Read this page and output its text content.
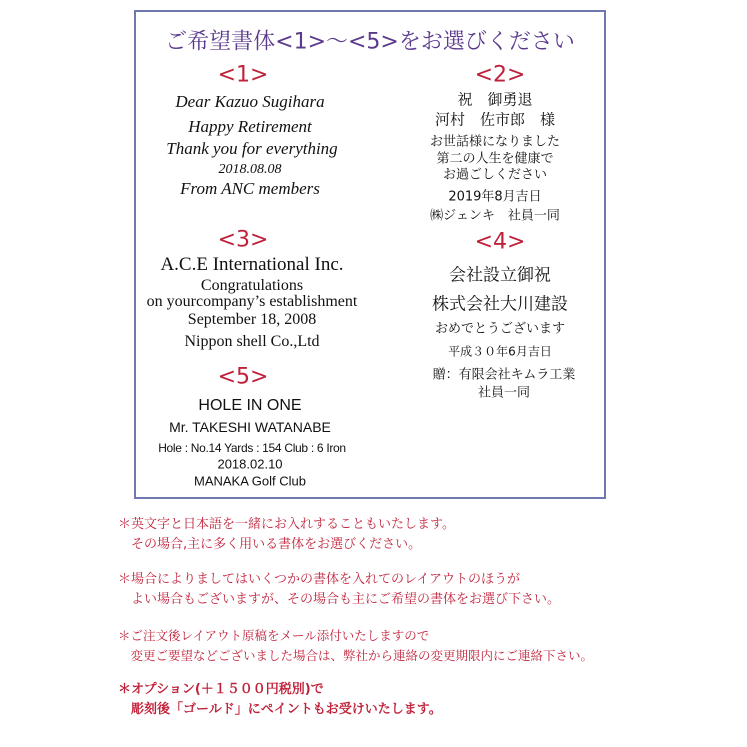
ご希望書体<1>～<5>をお選びください
<1>
Dear Kazuo Sugihara
Happy Retirement
Thank you for everything
2018.08.08
From ANC members
<2>
祝　御勇退
河村　佐市郎　様
お世話様になりました
第二の人生を健康で
お過ごしください
2019年8月吉日
㈱ジェンキ　社員一同
<3>
A.C.E International Inc.
Congratulations
on yourcompany’s establishment
September 18, 2008
Nippon shell Co.,Ltd
<4>
会社設立御祝
株式会社大川建設
おめでとうございます
平成３０年6月吉日
贈：有限会社キムラ工業
社員一同
<5>
HOLE IN ONE
Mr. TAKESHI WATANABE
Hole : No.14 Yards : 154 Club : 6 Iron
2018.02.10
MANAKA Golf Club
＊英文字と日本語を一緒にお入れすることもいたします。
　その場合,主に多く用いる書体をお選びください。
＊場合によりましてはいくつかの書体を入れてのレイアウトのほうが
　よい場合もございますが、その場合も主にご希望の書体をお選び下さい。
＊ご注文後レイアウト原稿をメール添付いたしますので
　変更ご要望などございました場合は、弊社から連絡の変更期限内にご連絡下さい。
＊オプション(＋１５００円税別)で
　彫刻後「ゴールド」にペイントもお受けいたします。
